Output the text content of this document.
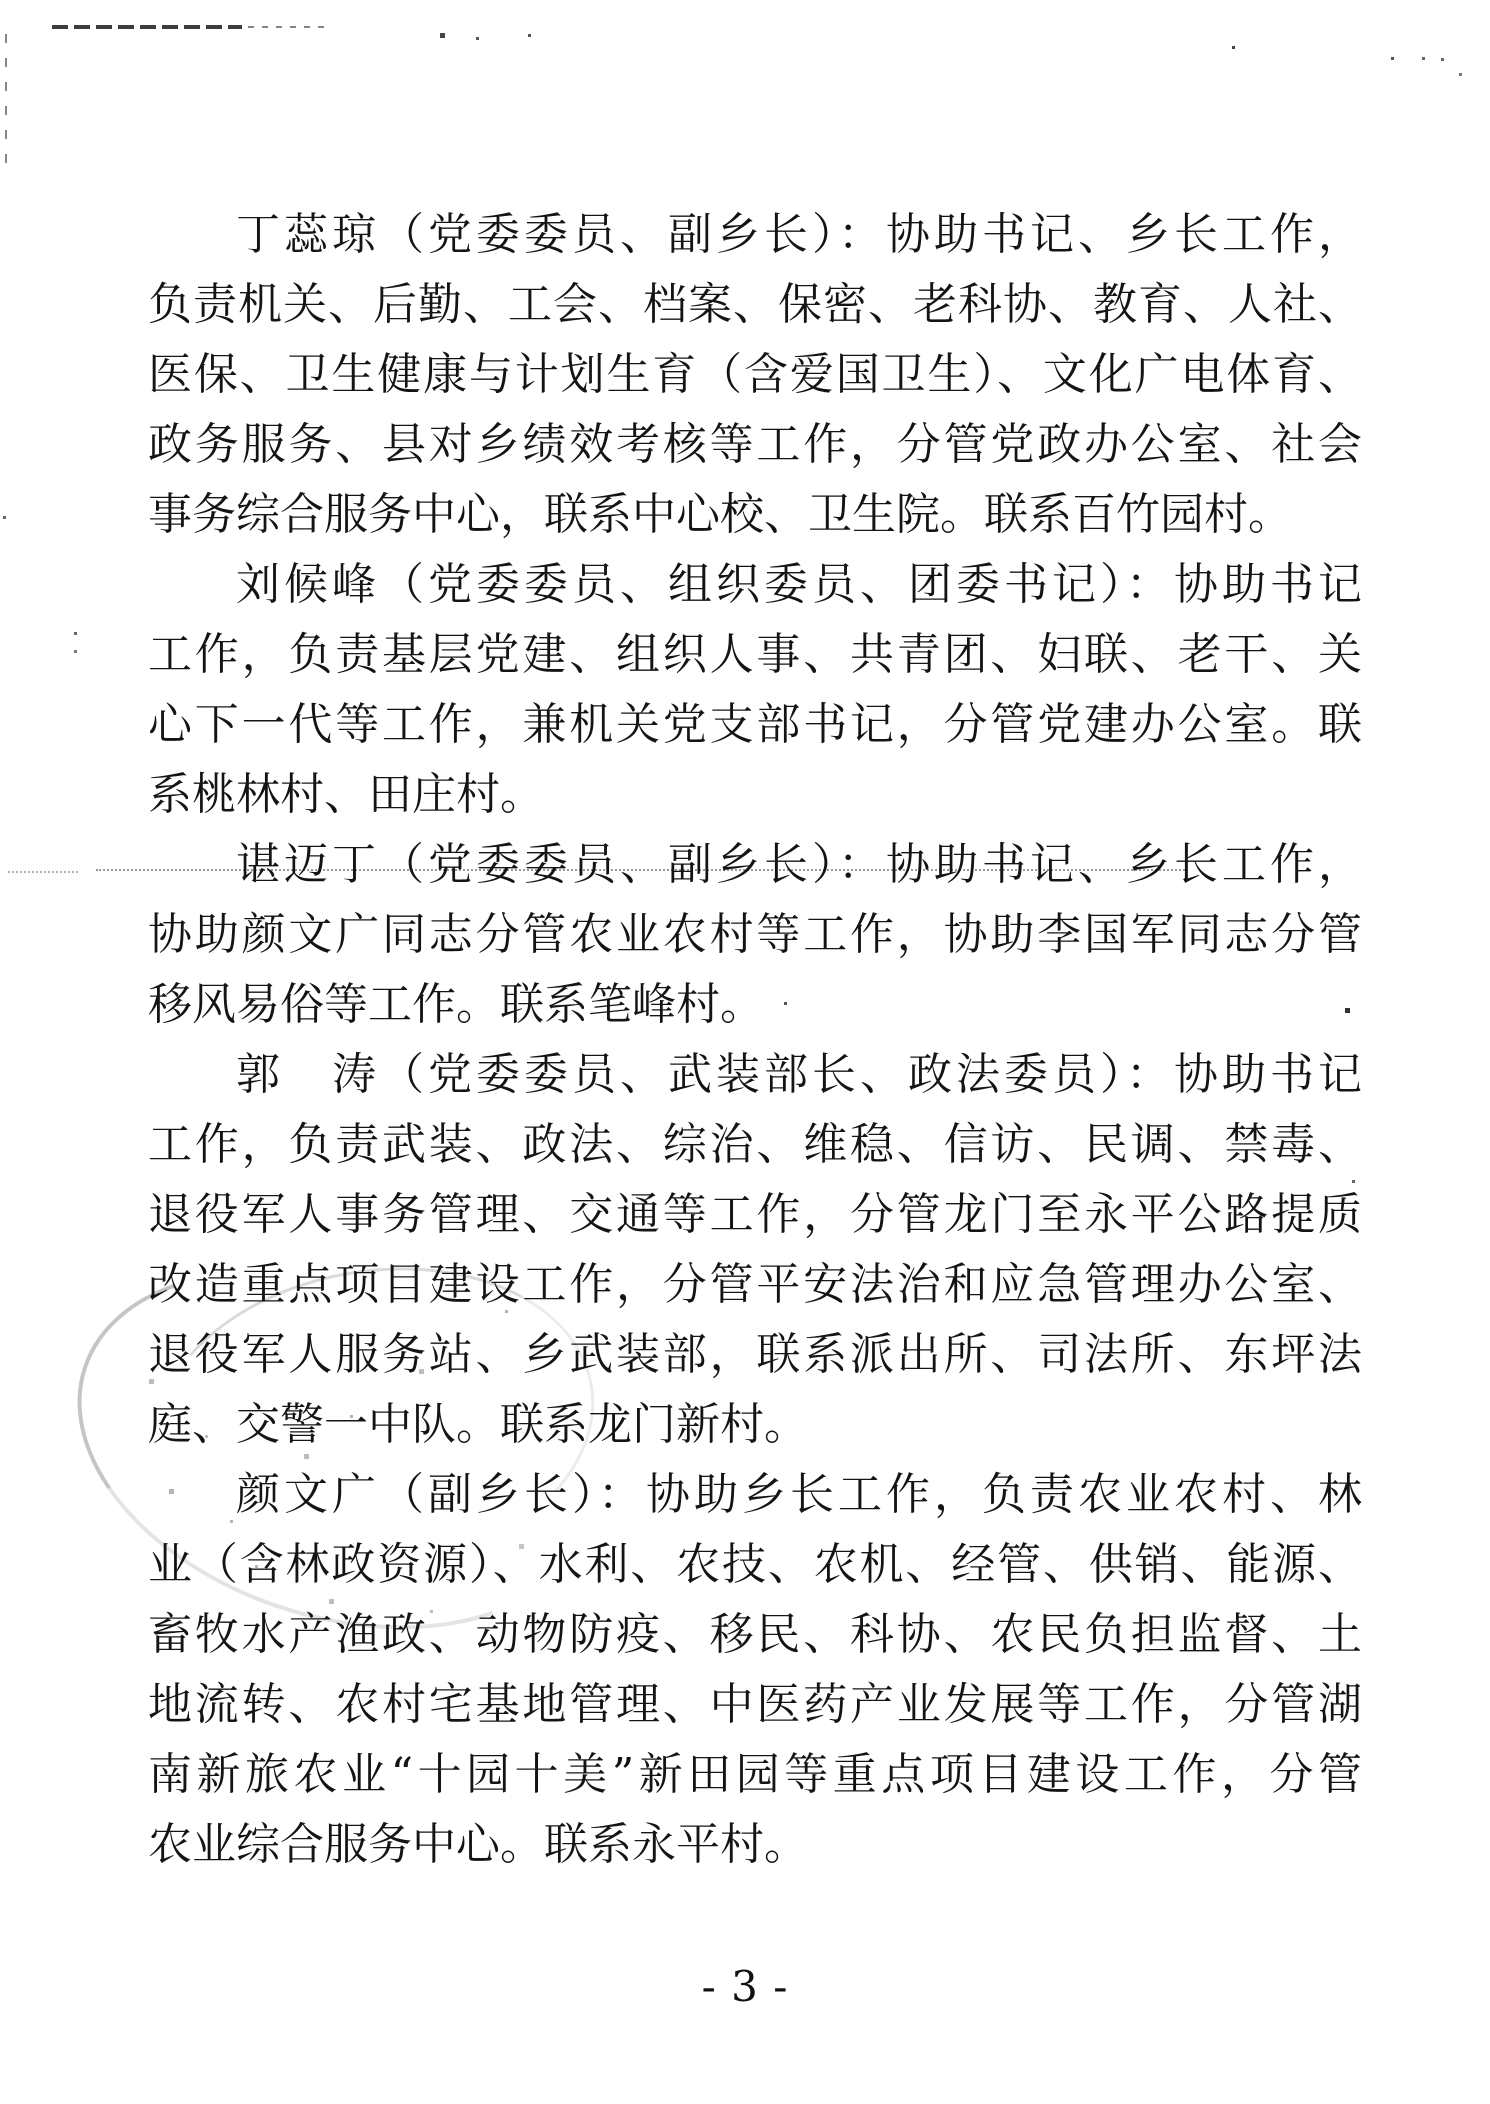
丁蕊琼（党委委员、副乡长）：协助书记、乡长工作，
负责机关、后勤、工会、档案、保密、老科协、教育、人社、
医保、卫生健康与计划生育（含爱国卫生）、文化广电体育、
政务服务、县对乡绩效考核等工作，分管党政办公室、社会
事务综合服务中心，联系中心校、卫生院。联系百竹园村。
刘候峰（党委委员、组织委员、团委书记）：协助书记
工作，负责基层党建、组织人事、共青团、妇联、老干、关
心下一代等工作，兼机关党支部书记，分管党建办公室。联
系桃林村、田庄村。
谌迈丁（党委委员、副乡长）：协助书记、乡长工作，
协助颜文广同志分管农业农村等工作，协助李国军同志分管
移风易俗等工作。联系笔峰村。
郭　涛（党委委员、武装部长、政法委员）：协助书记
工作，负责武装、政法、综治、维稳、信访、民调、禁毒、
退役军人事务管理、交通等工作，分管龙门至永平公路提质
改造重点项目建设工作，分管平安法治和应急管理办公室、
退役军人服务站、乡武装部，联系派出所、司法所、东坪法
庭、交警一中队。联系龙门新村。
颜文广（副乡长）：协助乡长工作，负责农业农村、林
业（含林政资源）、水利、农技、农机、经管、供销、能源、
畜牧水产渔政、动物防疫、移民、科协、农民负担监督、土
地流转、农村宅基地管理、中医药产业发展等工作，分管湖
南新旅农业“十园十美”新田园等重点项目建设工作，分管
农业综合服务中心。联系永平村。
- 3 -
